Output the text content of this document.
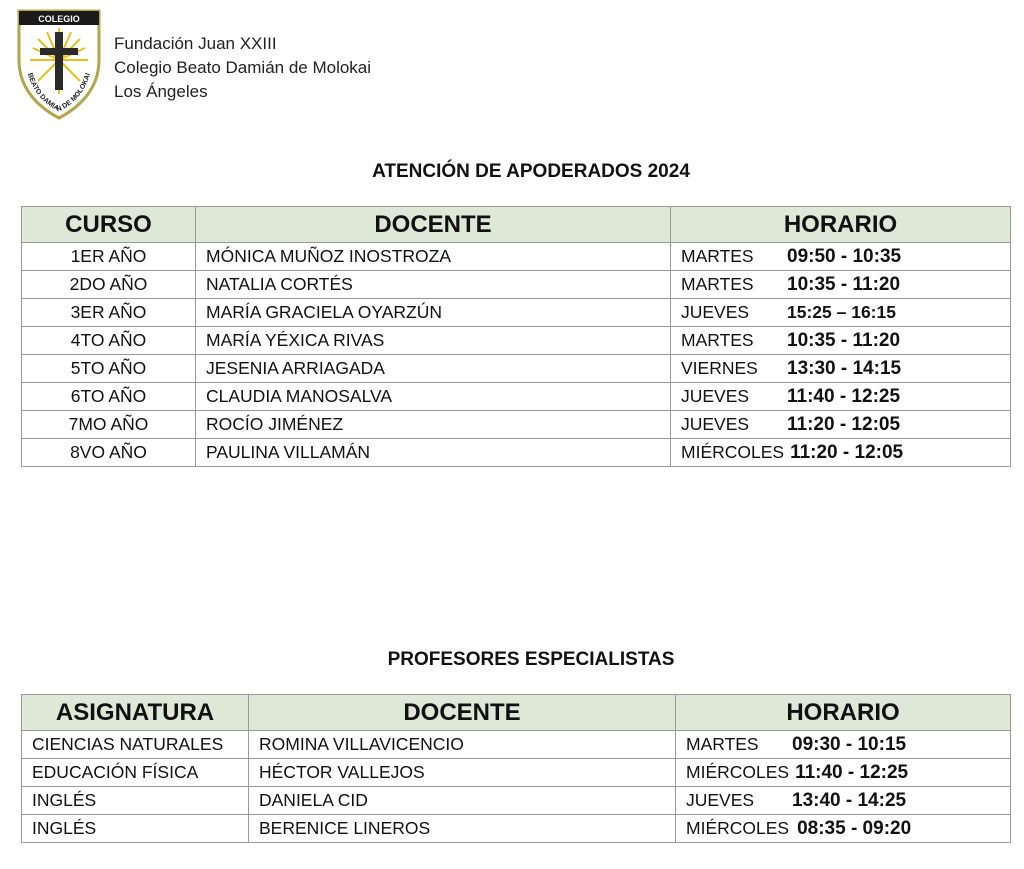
COLEGIO
BEATO DAMIAN DE MOLOKAI
Fundación Juan XXIII
Colegio Beato Damián de Molokai
Los Ángeles
ATENCIÓN DE APODERADOS 2024
CURSO	DOCENTE	HORARIO
1ER AÑO	MÓNICA MUÑOZ INOSTROZA	MARTES 09:50 - 10:35
2DO AÑO	NATALIA CORTÉS	MARTES 10:35 - 11:20
3ER AÑO	MARÍA GRACIELA OYARZÚN	JUEVES 15:25 – 16:15
4TO AÑO	MARÍA YÉXICA RIVAS	MARTES 10:35 - 11:20
5TO AÑO	JESENIA ARRIAGADA	VIERNES 13:30 - 14:15
6TO AÑO	CLAUDIA MANOSALVA	JUEVES 11:40 - 12:25
7MO AÑO	ROCÍO JIMÉNEZ	JUEVES 11:20 - 12:05
8VO AÑO	PAULINA VILLAMÁN	MIÉRCOLES 11:20 - 12:05
PROFESORES ESPECIALISTAS
ASIGNATURA	DOCENTE	HORARIO
CIENCIAS NATURALES	ROMINA VILLAVICENCIO	MARTES 09:30 - 10:15
EDUCACIÓN FÍSICA	HÉCTOR VALLEJOS	MIÉRCOLES 11:40 - 12:25
INGLÉS	DANIELA CID	JUEVES 13:40 - 14:25
INGLÉS	BERENICE LINEROS	MIÉRCOLES 08:35 - 09:20
